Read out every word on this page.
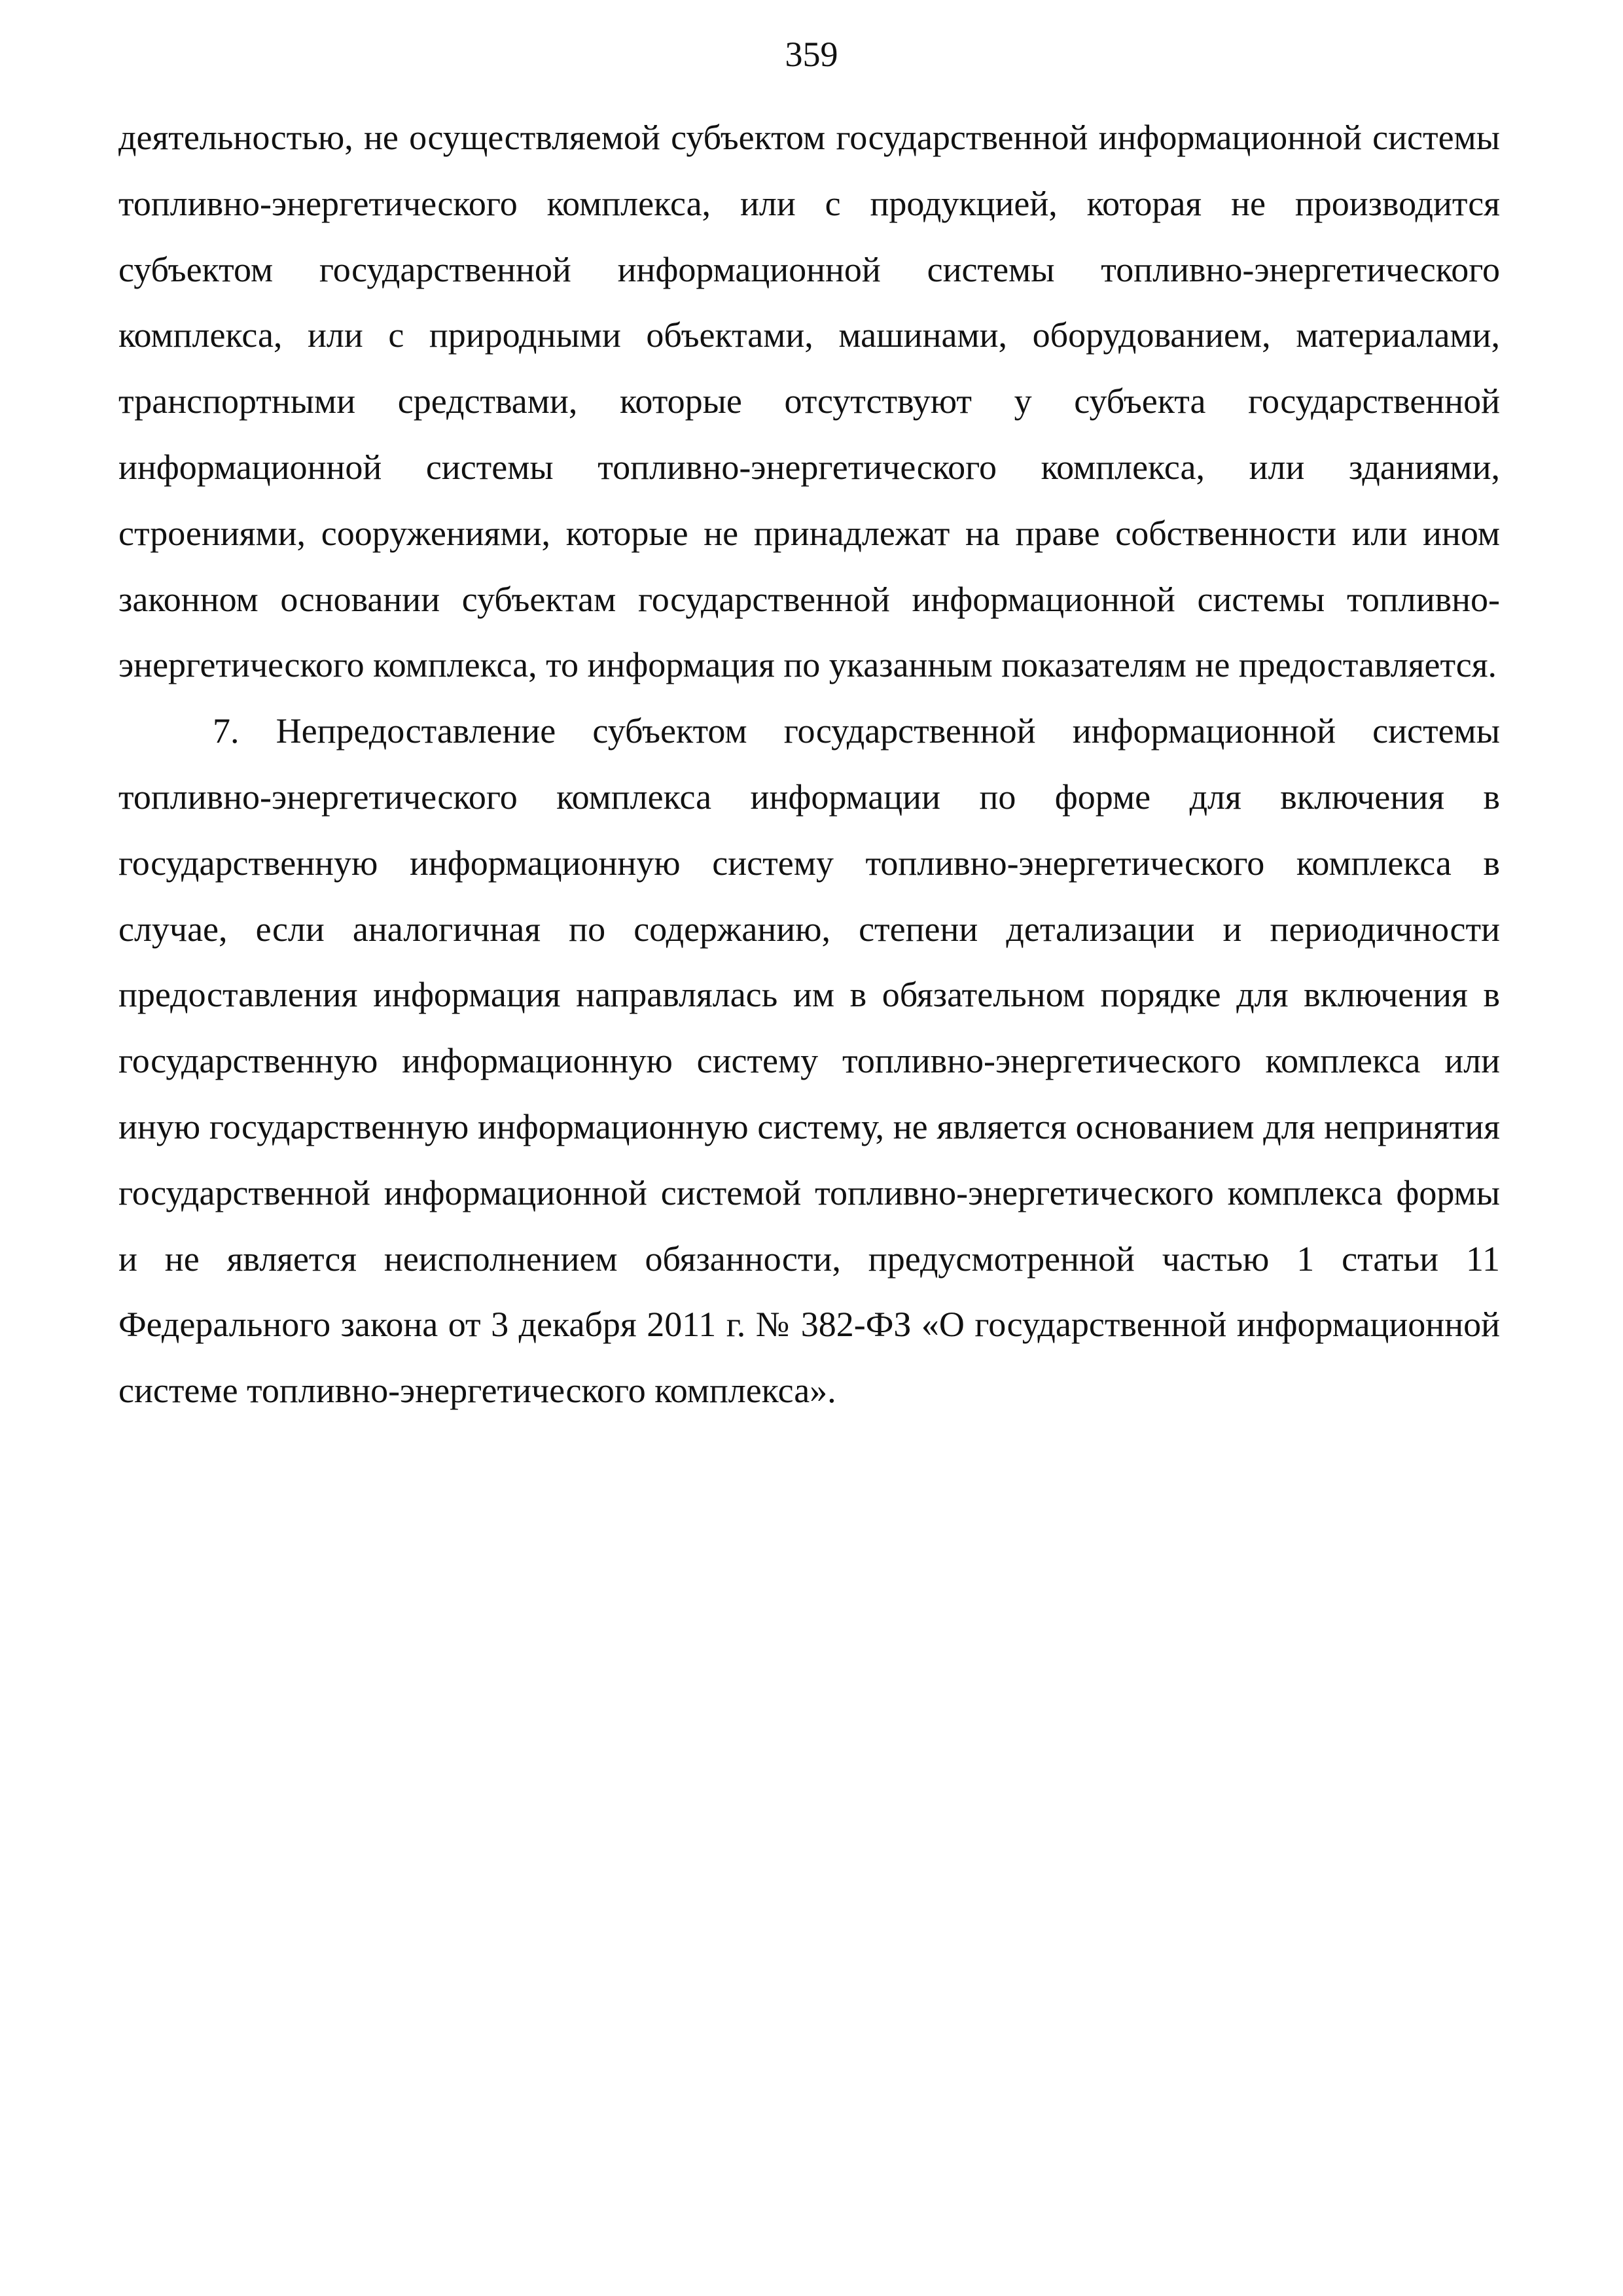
359

деятельностью, не осуществляемой субъектом государственной информационной системы топливно-энергетического комплекса, или с продукцией, которая не производится субъектом государственной информационной системы топливно-энергетического комплекса, или с природными объектами, машинами, оборудованием, материалами, транспортными средствами, которые отсутствуют у субъекта государственной информационной системы топливно-энергетического комплекса, или зданиями, строениями, сооружениями, которые не принадлежат на праве собственности или ином законном основании субъектам государственной информационной системы топливно-энергетического комплекса, то информация по указанным показателям не предоставляется.

7. Непредоставление субъектом государственной информационной системы топливно-энергетического комплекса информации по форме для включения в государственную информационную систему топливно-энергетического комплекса в случае, если аналогичная по содержанию, степени детализации и периодичности предоставления информация направлялась им в обязательном порядке для включения в государственную информационную систему топливно-энергетического комплекса или иную государственную информационную систему, не является основанием для непринятия государственной информационной системой топливно-энергетического комплекса формы и не является неисполнением обязанности, предусмотренной частью 1 статьи 11 Федерального закона от 3 декабря 2011 г. № 382-ФЗ «О государственной информационной системе топливно-энергетического комплекса».
